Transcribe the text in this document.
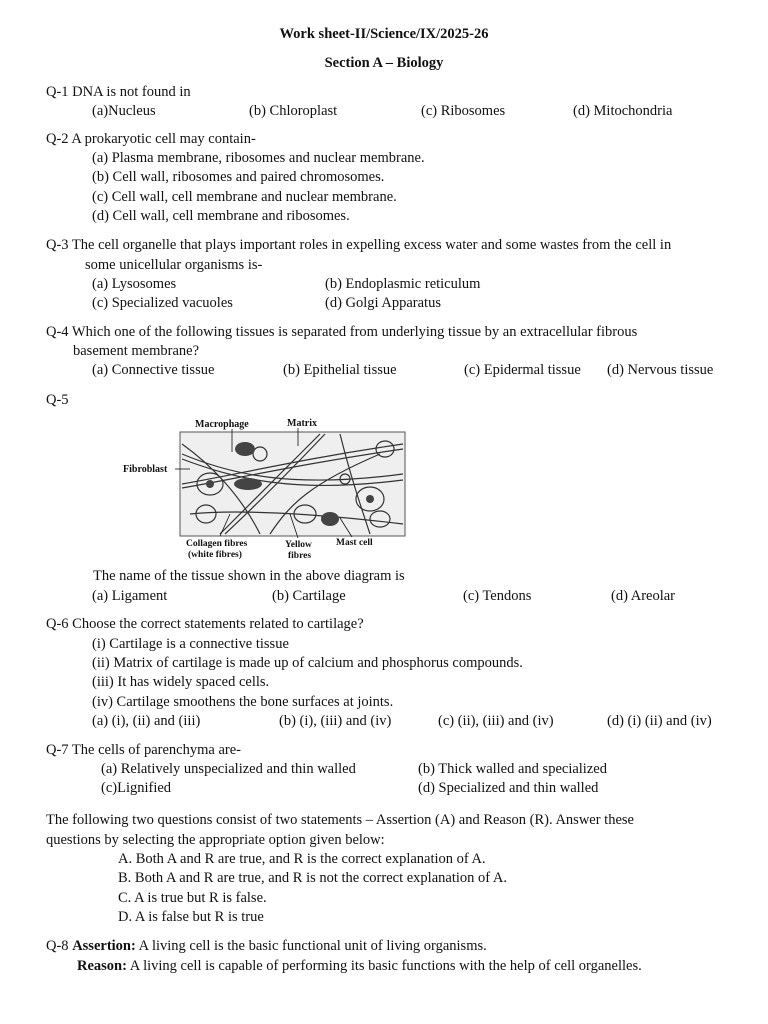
Work sheet-II/Science/IX/2025-26
Section A – Biology
Q-1 DNA is not found in
(a)Nucleus	(b) Chloroplast	(c) Ribosomes	(d) Mitochondria
Q-2 A prokaryotic cell may contain-
(a) Plasma membrane, ribosomes and nuclear membrane.
(b) Cell wall, ribosomes and paired chromosomes.
(c) Cell wall, cell membrane and nuclear membrane.
(d) Cell wall, cell membrane and ribosomes.
Q-3 The cell organelle that plays important roles in expelling excess water and some wastes from the cell in
some unicellular organisms is-
(a) Lysosomes	(b) Endoplasmic reticulum
(c) Specialized vacuoles	(d) Golgi Apparatus
Q-4 Which one of the following tissues is separated from underlying tissue by an extracellular fibrous
basement membrane?
(a) Connective tissue	(b) Epithelial tissue	(c) Epidermal tissue (d) Nervous tissue
Q-5
Macrophage	Matrix
Fibroblast
Collagen fibres
(white fibres)
Yellow
fibres
Mast cell
The name of the tissue shown in the above diagram is
(a) Ligament	(b) Cartilage	(c) Tendons	(d) Areolar
Q-6 Choose the correct statements related to cartilage?
(i) Cartilage is a connective tissue
(ii) Matrix of cartilage is made up of calcium and phosphorus compounds.
(iii) It has widely spaced cells.
(iv) Cartilage smoothens the bone surfaces at joints.
(a) (i), (ii) and (iii)	(b) (i), (iii) and (iv)	(c) (ii), (iii) and (iv)	(d) (i) (ii) and (iv)
Q-7 The cells of parenchyma are-
(a) Relatively unspecialized and thin walled	(b) Thick walled and specialized
(c)Lignified	(d) Specialized and thin walled
The following two questions consist of two statements – Assertion (A) and Reason (R). Answer these
questions by selecting the appropriate option given below:
A. Both A and R are true, and R is the correct explanation of A.
B. Both A and R are true, and R is not the correct explanation of A.
C. A is true but R is false.
D. A is false but R is true
Q-8 Assertion: A living cell is the basic functional unit of living organisms.
Reason: A living cell is capable of performing its basic functions with the help of cell organelles.
